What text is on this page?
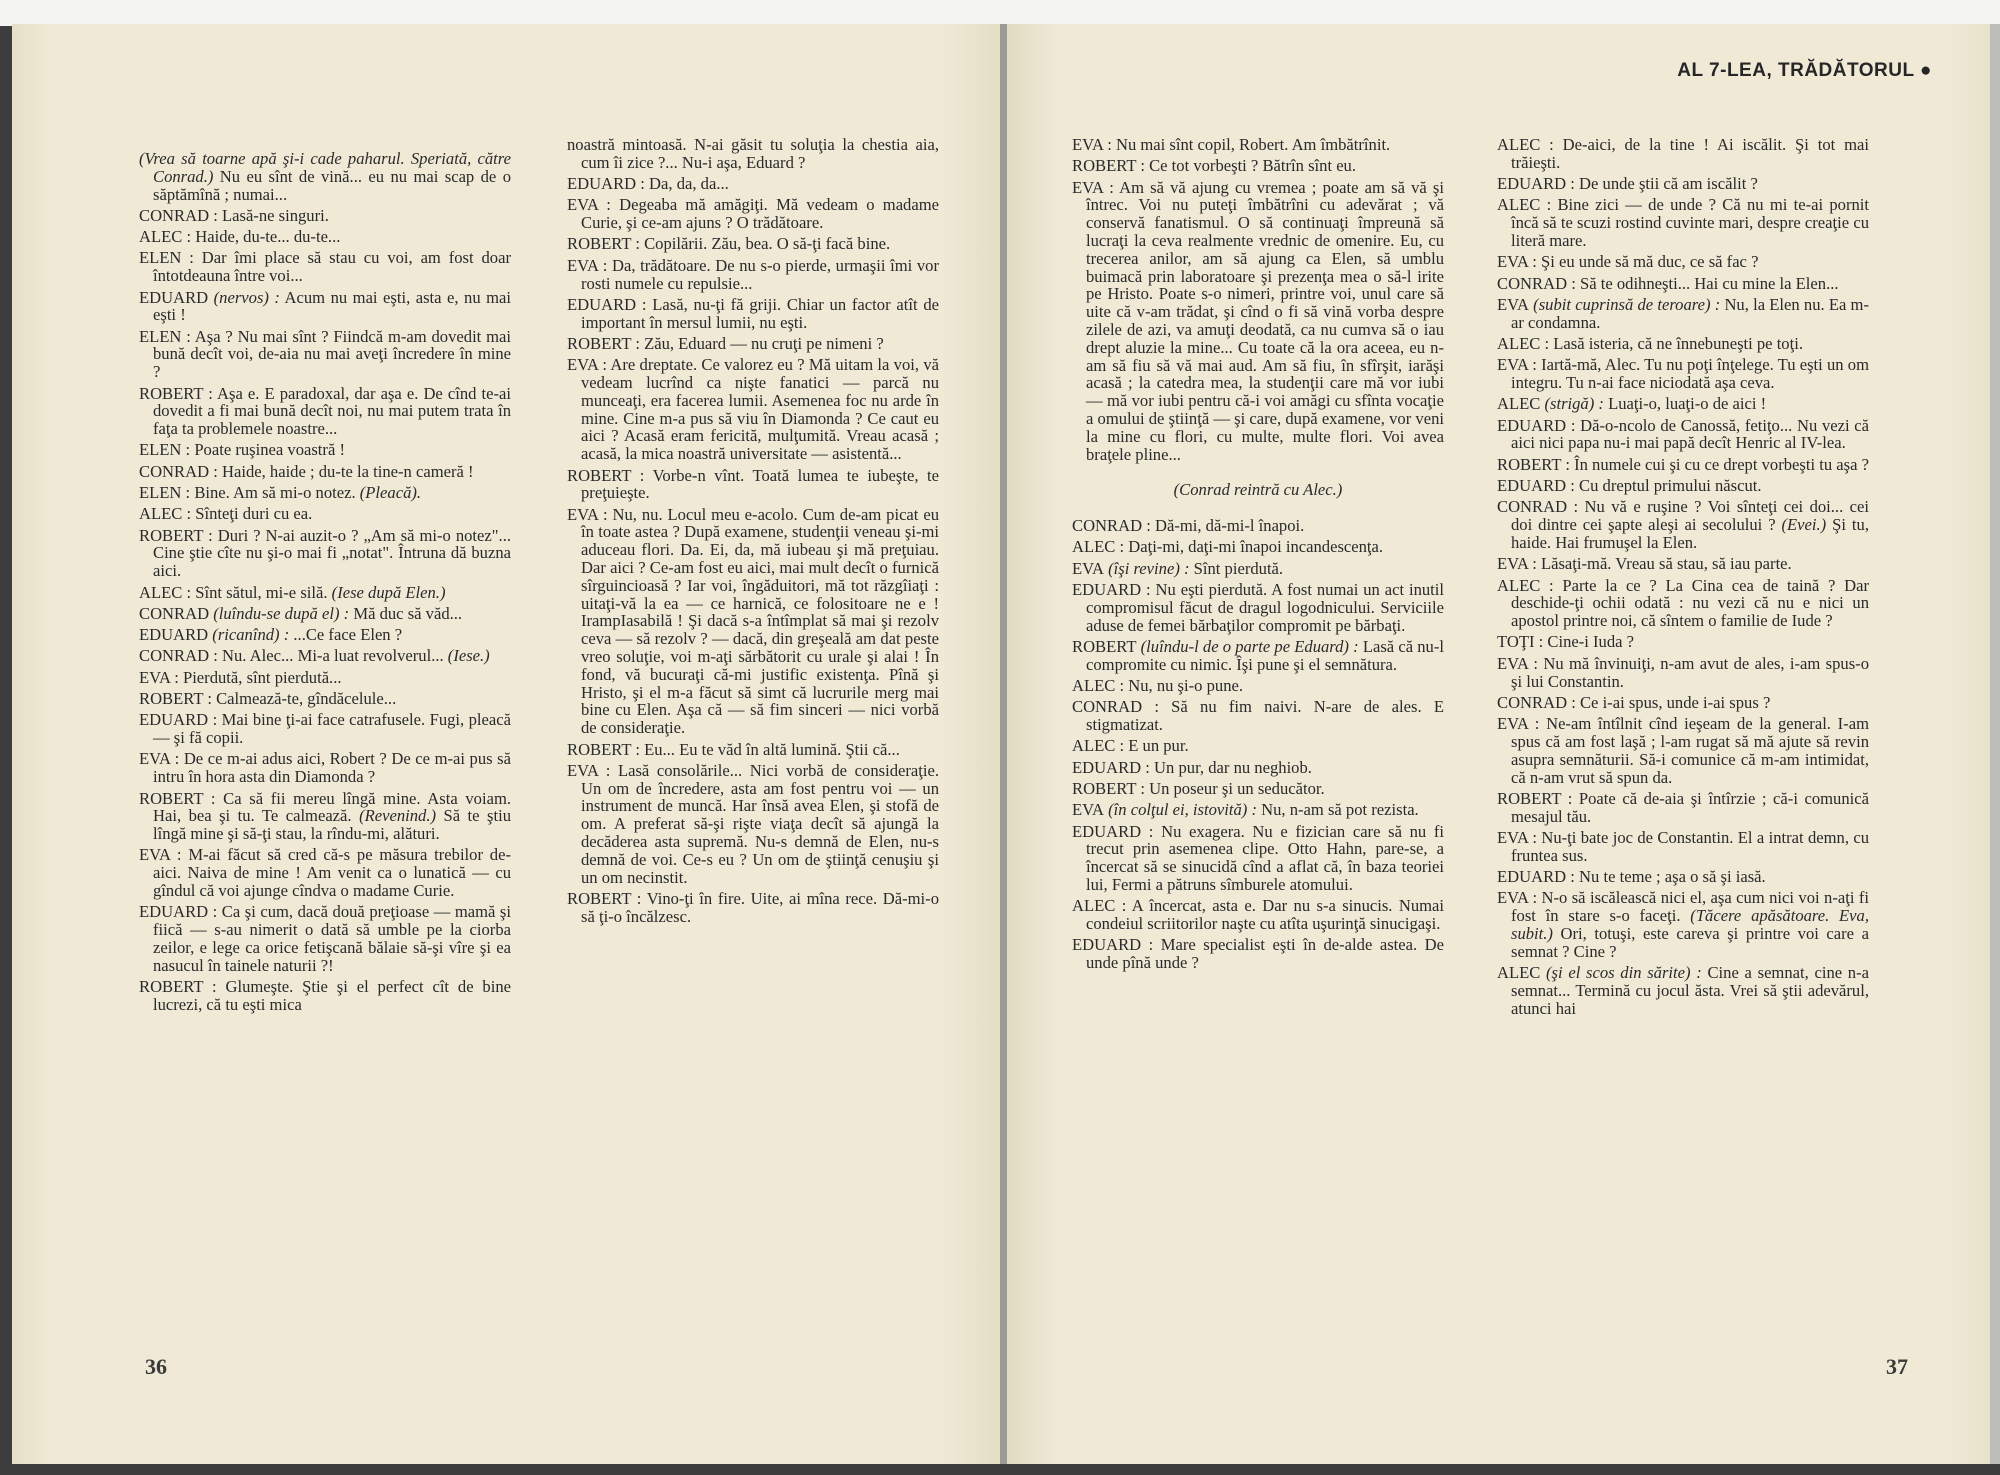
(Vrea să toarne apă şi-i cade paharul. Speriată, către Conrad.) Nu eu sînt de vină... eu nu mai scap de o săptămînă ; numai...

CONRAD : Lasă-ne singuri.

ALEC : Haide, du-te... du-te...

ELEN : Dar îmi place să stau cu voi, am fost doar întotdeauna între voi...

EDUARD (nervos) : Acum nu mai eşti, asta e, nu mai eşti !

ELEN : Aşa ? Nu mai sînt ? Fiindcă m-am dovedit mai bună decît voi, de-aia nu mai aveţi încredere în mine ?

ROBERT : Aşa e. E paradoxal, dar aşa e. De cînd te-ai dovedit a fi mai bună decît noi, nu mai putem trata în faţa ta problemele noastre...

ELEN : Poate ruşinea voastră !

CONRAD : Haide, haide ; du-te la tine-n cameră !

ELEN : Bine. Am să mi-o notez. (Pleacă).

ALEC : Sînteţi duri cu ea.

ROBERT : Duri ? N-ai auzit-o ? „Am să mi-o notez"... Cine ştie cîte nu şi-o mai fi „notat". Întruna dă buzna aici.

ALEC : Sînt sătul, mi-e silă. (Iese după Elen.)

CONRAD (luîndu-se după el) : Mă duc să văd...

EDUARD (ricanînd) : ...Ce face Elen ?

CONRAD : Nu. Alec... Mi-a luat revolverul... (Iese.)

EVA : Pierdută, sînt pierdută...

ROBERT : Calmează-te, gîndăcelule...

EDUARD : Mai bine ţi-ai face catrafusele. Fugi, pleacă — şi fă copii.

EVA : De ce m-ai adus aici, Robert ? De ce m-ai pus să intru în hora asta din Diamonda ?

ROBERT : Ca să fii mereu lîngă mine. Asta voiam. Hai, bea şi tu. Te calmează. (Revenind.) Să te ştiu lîngă mine şi să-ţi stau, la rîndu-mi, alături.

EVA : M-ai făcut să cred că-s pe măsura trebilor de-aici. Naiva de mine ! Am venit ca o lunatică — cu gîndul că voi ajunge cîndva o madame Curie.

EDUARD : Ca şi cum, dacă două preţioase — mamă şi fiică — s-au nimerit o dată să umble pe la ciorba zeilor, e lege ca orice fetişcană bălaie să-şi vîre şi ea nasucul în tainele naturii ?!

ROBERT : Glumeşte. Ştie şi el perfect cît de bine lucrezi, că tu eşti mica

noastră mintoasă. N-ai găsit tu soluţia la chestia aia, cum îi zice ?... Nu-i aşa, Eduard ?

EDUARD : Da, da, da...

EVA : Degeaba mă amăgiţi. Mă vedeam o madame Curie, şi ce-am ajuns ? O trădătoare.

ROBERT : Copilării. Zău, bea. O să-ţi facă bine.

EVA : Da, trădătoare. De nu s-o pierde, urmaşii îmi vor rosti numele cu repulsie...

EDUARD : Lasă, nu-ţi fă griji. Chiar un factor atît de important în mersul lumii, nu eşti.

ROBERT : Zău, Eduard — nu cruţi pe nimeni ?

EVA : Are dreptate. Ce valorez eu ? Mă uitam la voi, vă vedeam lucrînd ca nişte fanatici — parcă nu munceaţi, era facerea lumii. Asemenea foc nu arde în mine. Cine m-a pus să viu în Diamonda ? Ce caut eu aici ? Acasă eram fericită, mulţumită. Vreau acasă ; acasă, la mica noastră universitate — asistentă...

ROBERT : Vorbe-n vînt. Toată lumea te iubeşte, te preţuieşte.

EVA : Nu, nu. Locul meu e-acolo. Cum de-am picat eu în toate astea ? După examene, studenţii veneau şi-mi aduceau flori. Da. Ei, da, mă iubeau şi mă preţuiau. Dar aici ? Ce-am fost eu aici, mai mult decît o furnică sîrguincioasă ? Iar voi, îngăduitori, mă tot răzgîiaţi : uitaţi-vă la ea — ce harnică, ce folositoare ne e ! IrampIasabilă ! Şi dacă s-a întîmplat să mai şi rezolv ceva — să rezolv ? — dacă, din greşeală am dat peste vreo soluţie, voi m-aţi sărbătorit cu urale şi alai ! În fond, vă bucuraţi că-mi justific existenţa. Pînă şi Hristo, şi el m-a făcut să simt că lucrurile merg mai bine cu Elen. Aşa că — să fim sinceri — nici vorbă de consideraţie.

ROBERT : Eu... Eu te văd în altă lumină. Ştii că...

EVA : Lasă consolările... Nici vorbă de consideraţie. Un om de încredere, asta am fost pentru voi — un instrument de muncă. Har însă avea Elen, şi stofă de om. A preferat să-şi rişte viaţa decît să ajungă la decăderea asta supremă. Nu-s demnă de Elen, nu-s demnă de voi. Ce-s eu ? Un om de ştiinţă cenuşiu şi un om necinstit.

ROBERT : Vino-ţi în fire. Uite, ai mîna rece. Dă-mi-o să ţi-o încălzesc.

36
AL 7-LEA, TRĂDĂTORUL ●

EVA : Nu mai sînt copil, Robert. Am îmbătrînit.

ROBERT : Ce tot vorbeşti ? Bătrîn sînt eu.

EVA : Am să vă ajung cu vremea ; poate am să vă şi întrec. Voi nu puteţi îmbătrîni cu adevărat ; vă conservă fanatismul. O să continuaţi împreună să lucraţi la ceva realmente vrednic de omenire. Eu, cu trecerea anilor, am să ajung ca Elen, să umblu buimacă prin laboratoare şi prezenţa mea o să-l irite pe Hristo. Poate s-o nimeri, printre voi, unul care să uite că v-am trădat, şi cînd o fi să vină vorba despre zilele de azi, va amuţi deodată, ca nu cumva să o iau drept aluzie la mine... Cu toate că la ora aceea, eu n-am să fiu să vă mai aud. Am să fiu, în sfîrşit, iarăşi acasă ; la catedra mea, la studenţii care mă vor iubi — mă vor iubi pentru că-i voi amăgi cu sfînta vocaţie a omului de ştiinţă — şi care, după examene, vor veni la mine cu flori, cu multe, multe flori. Voi avea braţele pline...

(Conrad reintră cu Alec.)

CONRAD : Dă-mi, dă-mi-l înapoi.

ALEC : Daţi-mi, daţi-mi înapoi incandescenţa.

EVA (îşi revine) : Sînt pierdută.

EDUARD : Nu eşti pierdută. A fost numai un act inutil compromisul făcut de dragul logodnicului. Serviciile aduse de femei bărbaţilor compromit pe bărbaţi.

ROBERT (luîndu-l de o parte pe Eduard) : Lasă că nu-l compromite cu nimic. Îşi pune şi el semnătura.

ALEC : Nu, nu şi-o pune.

CONRAD : Să nu fim naivi. N-are de ales. E stigmatizat.

ALEC : E un pur.

EDUARD : Un pur, dar nu neghiob.

ROBERT : Un poseur şi un seducător.

EVA (în colţul ei, istovită) : Nu, n-am să pot rezista.

EDUARD : Nu exagera. Nu e fizician care să nu fi trecut prin asemenea clipe. Otto Hahn, pare-se, a încercat să se sinucidă cînd a aflat că, în baza teoriei lui, Fermi a pătruns sîmburele atomului.

ALEC : A încercat, asta e. Dar nu s-a sinucis. Numai condeiul scriitorilor naşte cu atîta uşurinţă sinucigaşi.

EDUARD : Mare specialist eşti în de-alde astea. De unde pînă unde ?

ALEC : De-aici, de la tine ! Ai iscălit. Şi tot mai trăieşti.

EDUARD : De unde ştii că am iscălit ?

ALEC : Bine zici — de unde ? Că nu mi te-ai pornit încă să te scuzi rostind cuvinte mari, despre creaţie cu literă mare.

EVA : Şi eu unde să mă duc, ce să fac ?

CONRAD : Să te odihneşti... Hai cu mine la Elen...

EVA (subit cuprinsă de teroare) : Nu, la Elen nu. Ea m-ar condamna.

ALEC : Lasă isteria, că ne înnebuneşti pe toţi.

EVA : Iartă-mă, Alec. Tu nu poţi înţelege. Tu eşti un om integru. Tu n-ai face niciodată aşa ceva.

ALEC (strigă) : Luaţi-o, luaţi-o de aici !

EDUARD : Dă-o-ncolo de Canossă, fetiţo... Nu vezi că aici nici papa nu-i mai papă decît Henric al IV-lea.

ROBERT : În numele cui şi cu ce drept vorbeşti tu aşa ?

EDUARD : Cu dreptul primului născut.

CONRAD : Nu vă e ruşine ? Voi sînteţi cei doi... cei doi dintre cei şapte aleşi ai secolului ? (Evei.) Şi tu, haide. Hai frumuşel la Elen.

EVA : Lăsaţi-mă. Vreau să stau, să iau parte.

ALEC : Parte la ce ? La Cina cea de taină ? Dar deschide-ţi ochii odată : nu vezi că nu e nici un apostol printre noi, că sîntem o familie de Iude ?

TOŢI : Cine-i Iuda ?

EVA : Nu mă învinuiţi, n-am avut de ales, i-am spus-o şi lui Constantin.

CONRAD : Ce i-ai spus, unde i-ai spus ?

EVA : Ne-am întîlnit cînd ieşeam de la general. I-am spus că am fost laşă ; l-am rugat să mă ajute să revin asupra semnăturii. Să-i comunice că m-am intimidat, că n-am vrut să spun da.

ROBERT : Poate că de-aia şi întîrzie ; că-i comunică mesajul tău.

EVA : Nu-ţi bate joc de Constantin. El a intrat demn, cu fruntea sus.

EDUARD : Nu te teme ; aşa o să şi iasă.

EVA : N-o să iscălească nici el, aşa cum nici voi n-aţi fi fost în stare s-o faceţi. (Tăcere apăsătoare. Eva, subit.) Ori, totuşi, este careva şi printre voi care a semnat ? Cine ?

ALEC (şi el scos din sărite) : Cine a semnat, cine n-a semnat... Termină cu jocul ăsta. Vrei să ştii adevărul, atunci hai

37
